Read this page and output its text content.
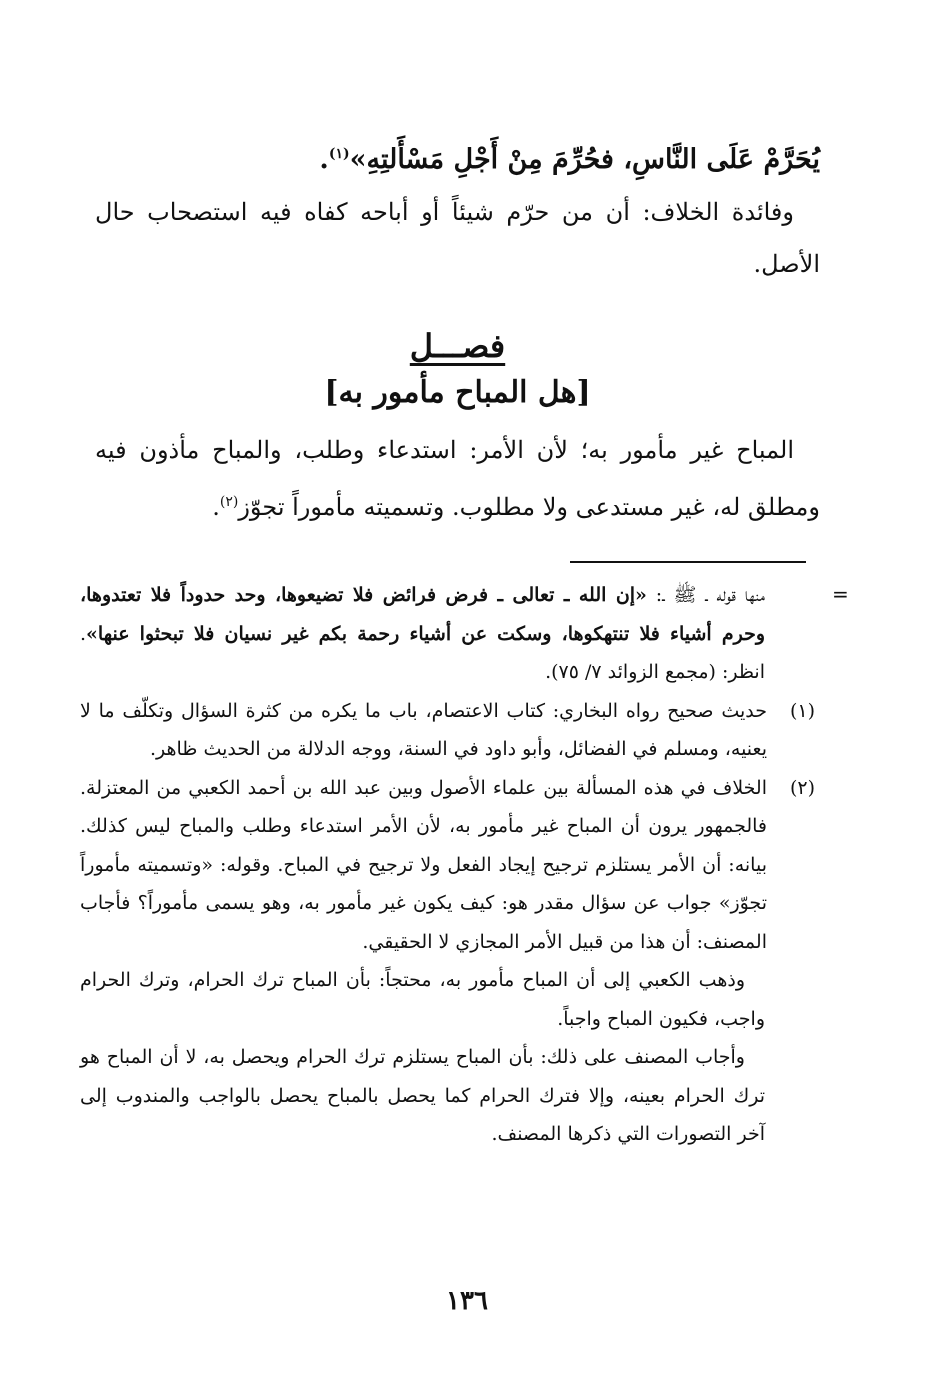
يُحَرَّمْ عَلَى النَّاسِ، فحُرِّمَ مِنْ أَجْلِ مَسْأَلتِهِ»$^{(١)}$.
وفائدة الخلاف: أن من حرّم شيئاً أو أباحه كفاه فيه استصحاب حال الأصل.
فصـــل
[هل المباح مأمور به]
المباح غير مأمور به؛ لأن الأمر: استدعاء وطلب، والمباح مأذون فيه ومطلق له، غير مستدعى ولا مطلوب. وتسميته مأموراً تجوّز$^{(٢)}$.
=
منها قوله ـ ﷺ ـ: «إن الله ـ تعالى ـ فرض فرائض فلا تضيعوها، وحد حدوداً فلا تعتدوها، وحرم أشياء فلا تنتهكوها، وسكت عن أشياء رحمة بكم غير نسيان فلا تبحثوا عنها». انظر: (مجمع الزوائد ٧/ ٧٥).
(١)
حديث صحيح رواه البخاري: كتاب الاعتصام، باب ما يكره من كثرة السؤال وتكلّف ما لا يعنيه، ومسلم في الفضائل، وأبو داود في السنة، ووجه الدلالة من الحديث ظاهر.
(٢)
الخلاف في هذه المسألة بين علماء الأصول وبين عبد الله بن أحمد الكعبي من المعتزلة. فالجمهور يرون أن المباح غير مأمور به، لأن الأمر استدعاء وطلب والمباح ليس كذلك. بيانه: أن الأمر يستلزم ترجيح إيجاد الفعل ولا ترجيح في المباح. وقوله: «وتسميته مأموراً تجوّز» جواب عن سؤال مقدر هو: كيف يكون غير مأمور به، وهو يسمى مأموراً؟ فأجاب المصنف: أن هذا من قبيل الأمر المجازي لا الحقيقي.
وذهب الكعبي إلى أن المباح مأمور به، محتجاً: بأن المباح ترك الحرام، وترك الحرام واجب، فكيون المباح واجباً.
وأجاب المصنف على ذلك: بأن المباح يستلزم ترك الحرام ويحصل به، لا أن المباح هو ترك الحرام بعينه، وإلا فترك الحرام كما يحصل بالمباح يحصل بالواجب والمندوب إلى آخر التصورات التي ذكرها المصنف.
١٣٦
